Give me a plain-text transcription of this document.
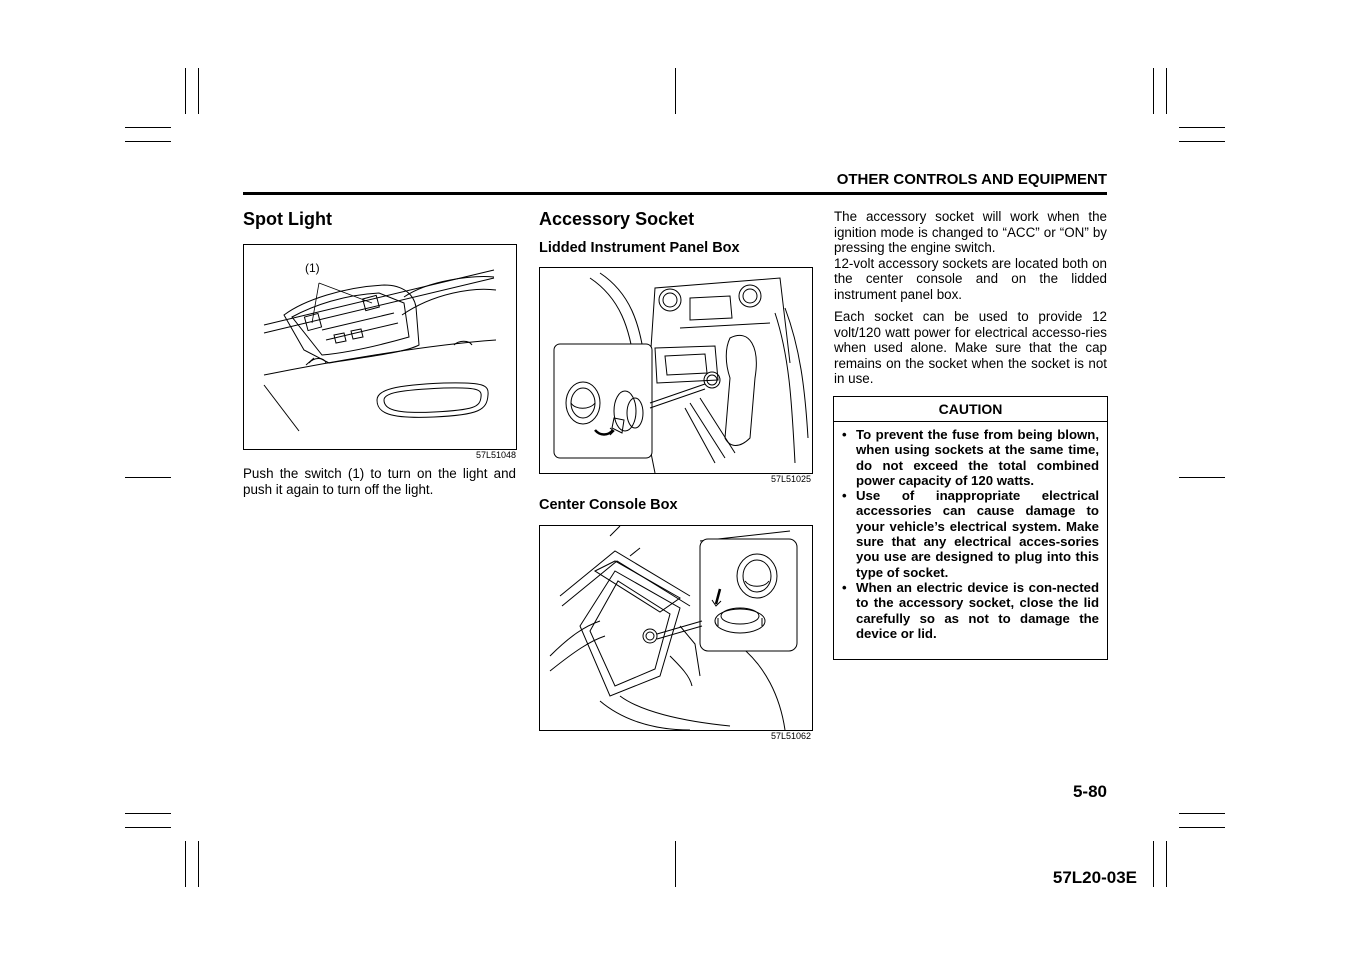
OTHER CONTROLS AND EQUIPMENT
Spot Light
(1)
57L51048
Push the switch (1) to turn on the light and push it again to turn off the light.
Accessory Socket
Lidded Instrument Panel Box
57L51025
Center Console Box
57L51062

The accessory socket will work when the ignition mode is changed to “ACC” or “ON” by pressing the engine switch.

12-volt accessory sockets are located both on the center console and on the lidded instrument panel box.

Each socket can be used to provide 12 volt/120 watt power for electrical accesso-ries when used alone. Make sure that the cap remains on the socket when the socket is not in use.
CAUTION
• To prevent the fuse from being blown, when using sockets at the same time, do not exceed the total combined power capacity of 120 watts.
• Use of inappropriate electrical accessories can cause damage to your vehicle’s electrical system. Make sure that any electrical acces-sories you use are designed to plug into this type of socket.
• When an electric device is con-nected to the accessory socket, close the lid carefully so as not to damage the device or lid.
5-80
57L20-03E
